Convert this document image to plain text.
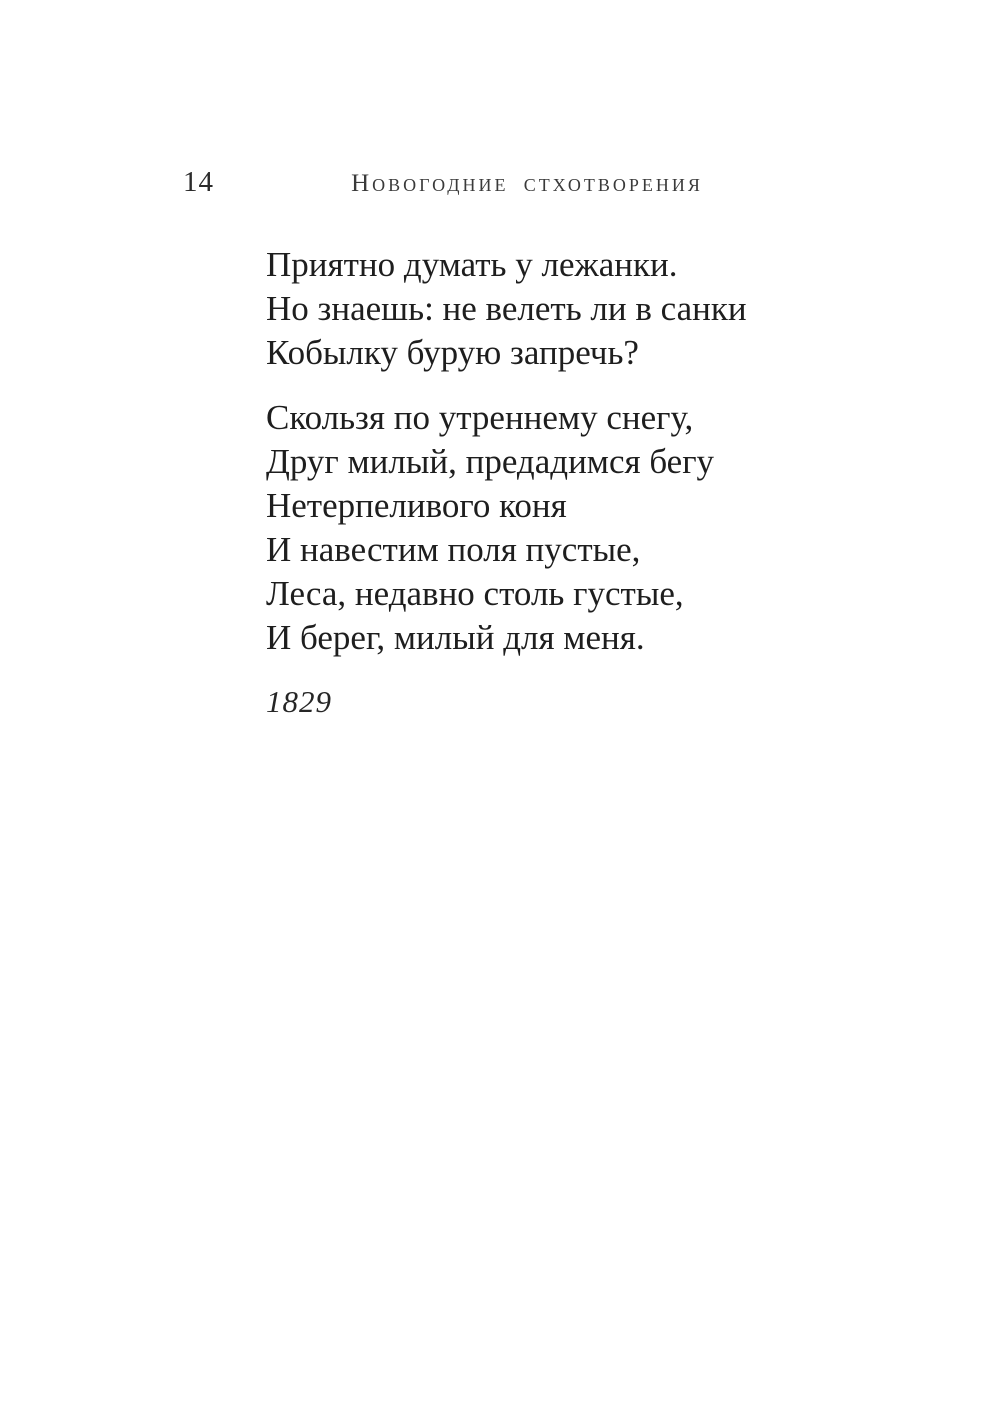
14	Новогодние стхотворения
Приятно думать у лежанки.
Но знаешь: не велеть ли в санки
Кобылку бурую запречь?
Скользя по утреннему снегу,
Друг милый, предадимся бегу
Нетерпеливого коня
И навестим поля пустые,
Леса, недавно столь густые,
И берег, милый для меня.
1829
